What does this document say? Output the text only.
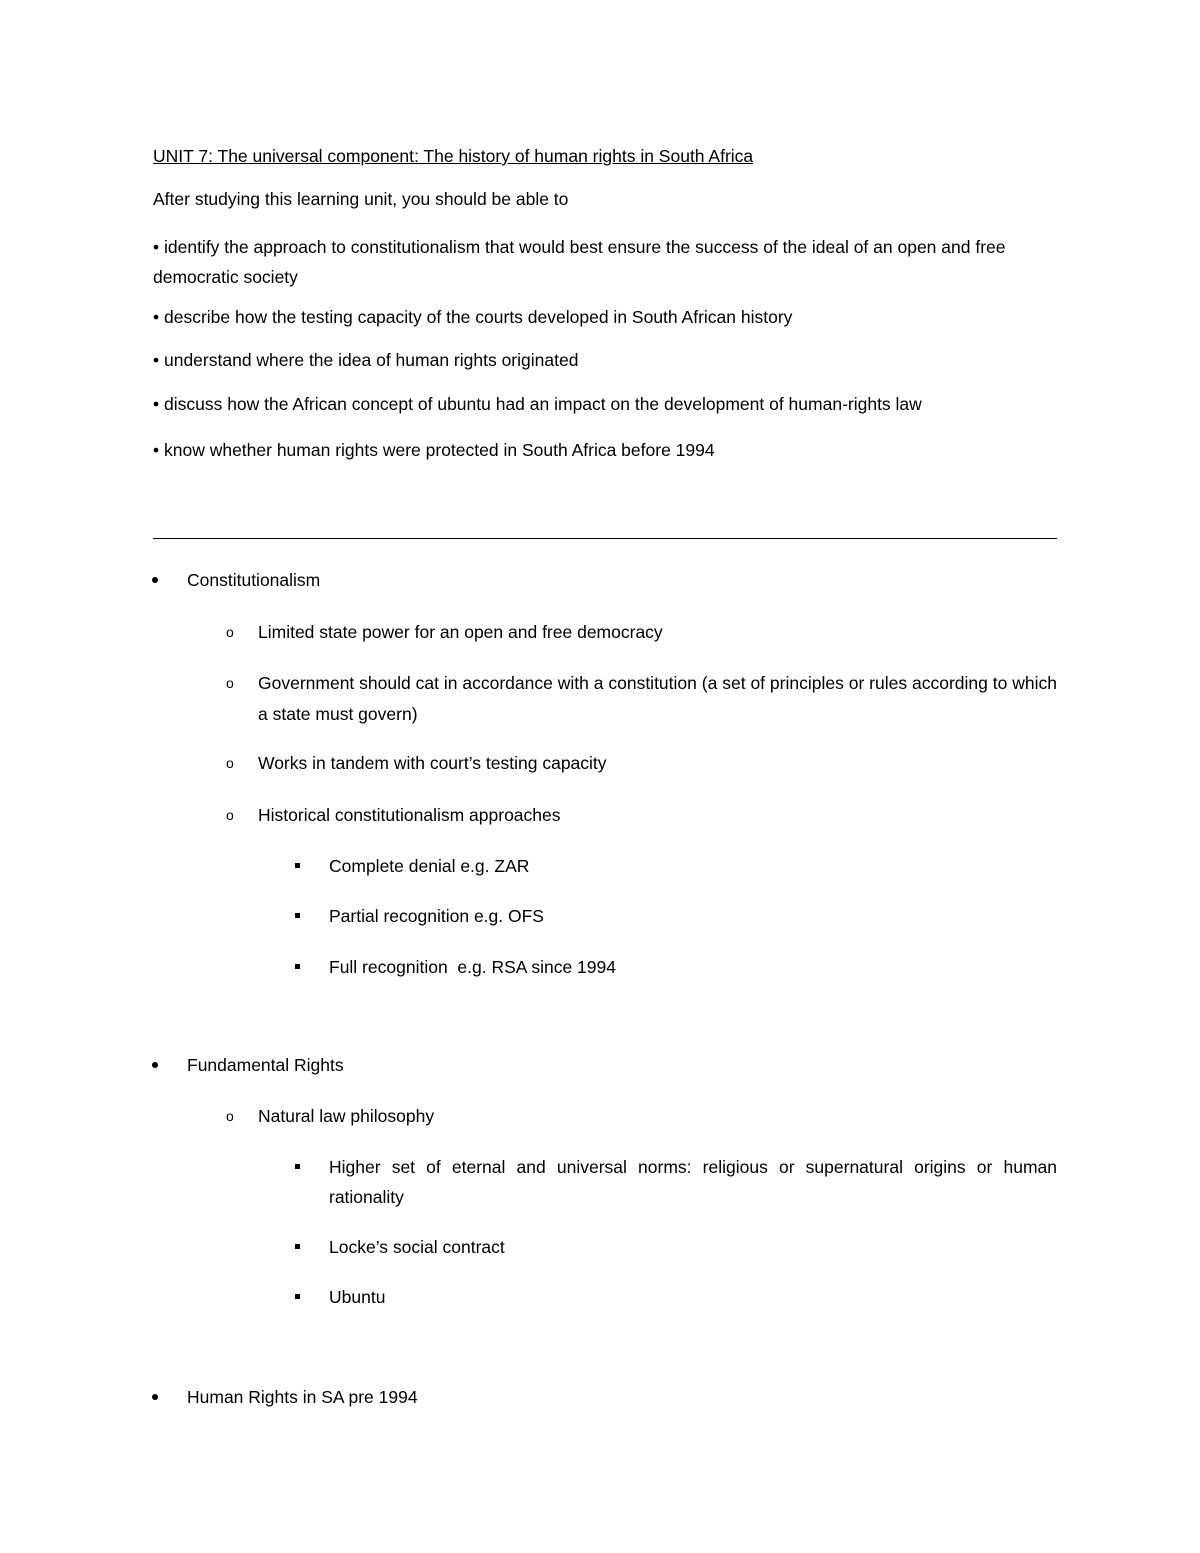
UNIT 7: The universal component: The history of human rights in South Africa
After studying this learning unit, you should be able to
• identify the approach to constitutionalism that would best ensure the success of the ideal of an open and free democratic society
• describe how the testing capacity of the courts developed in South African history
• understand where the idea of human rights originated
• discuss how the African concept of ubuntu had an impact on the development of human-rights law
• know whether human rights were protected in South Africa before 1994
Constitutionalism
o Limited state power for an open and free democracy
o Government should cat in accordance with a constitution (a set of principles or rules according to which a state must govern)
o Works in tandem with court’s testing capacity
o Historical constitutionalism approaches
Complete denial e.g. ZAR
Partial recognition e.g. OFS
Full recognition  e.g. RSA since 1994
Fundamental Rights
o Natural law philosophy
Higher set of eternal and universal norms: religious or supernatural origins or human rationality
Locke’s social contract
Ubuntu
Human Rights in SA pre 1994
